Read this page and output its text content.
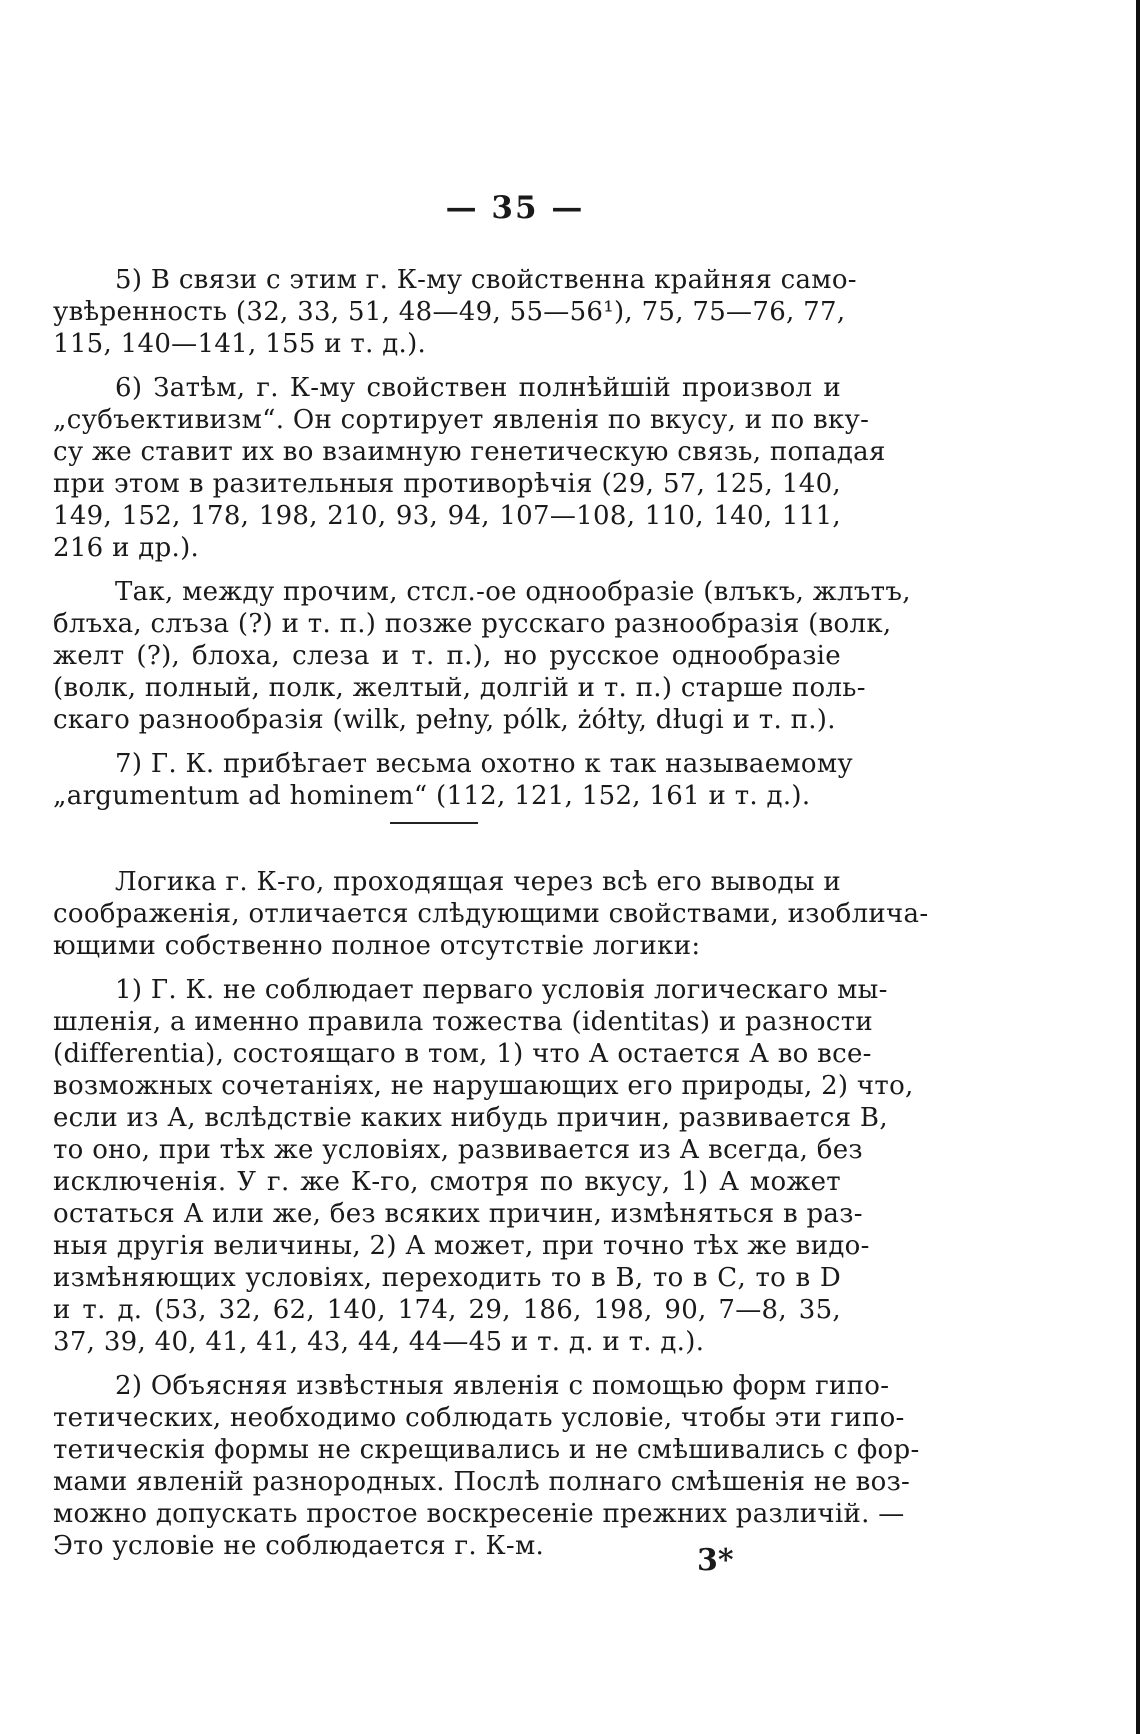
— 35 —
5) В связи с этим г. К-му свойственна крайняя само-
увѣренность (32, 33, 51, 48—49, 55—56¹), 75, 75—76, 77,
115, 140—141, 155 и т. д.).
6) Затѣм, г. К-му свойствен полнѣйшій произвол и
„субъективизм“. Он сортирует явленія по вкусу, и по вку-
су же ставит их во взаимную генетическую связь, попадая
при этом в разительныя противорѣчія (29, 57, 125, 140,
149, 152, 178, 198, 210, 93, 94, 107—108, 110, 140, 111,
216 и др.).
Так, между прочим, стсл.-ое однообразіе (влъкъ, жлътъ,
блъха, слъза (?) и т. п.) позже русскаго разнообразія (волк,
желт (?), блоха, слеза и т. п.), но русское однообразіе
(волк, полный, полк, желтый, долгій и т. п.) старше поль-
скаго разнообразія (wilk, pełny, pólk, żółty, długi и т. п.).
7) Г. К. прибѣгает весьма охотно к так называемому
„argumentum ad hominem“ (112, 121, 152, 161 и т. д.).
Логика г. К-го, проходящая через всѣ его выводы и
соображенія, отличается слѣдующими свойствами, изоблича-
ющими собственно полное отсутствіе логики:
1) Г. К. не соблюдает перваго условія логическаго мы-
шленія, а именно правила тожества (identitas) и разности
(differentia), состоящаго в том, 1) что А остается А во все-
возможных сочетаніях, не нарушающих его природы, 2) что,
если из А, вслѣдствіе каких нибудь причин, развивается В,
то оно, при тѣх же условіях, развивается из А всегда, без
исключенія. У г. же К-го, смотря по вкусу, 1) А может
остаться А или же, без всяких причин, измѣняться в раз-
ныя другія величины, 2) А может, при точно тѣх же видо-
измѣняющих условіях, переходить то в В, то в С, то в D
и т. д. (53, 32, 62, 140, 174, 29, 186, 198, 90, 7—8, 35,
37, 39, 40, 41, 41, 43, 44, 44—45 и т. д. и т. д.).
2) Объясняя извѣстныя явленія с помощью форм гипо-
тетических, необходимо соблюдать условіе, чтобы эти гипо-
тетическія формы не скрещивались и не смѣшивались с фор-
мами явленій разнородных. Послѣ полнаго смѣшенія не воз-
можно допускать простое воскресеніе прежних различій. —
Это условіе не соблюдается г. К-м.	3*
